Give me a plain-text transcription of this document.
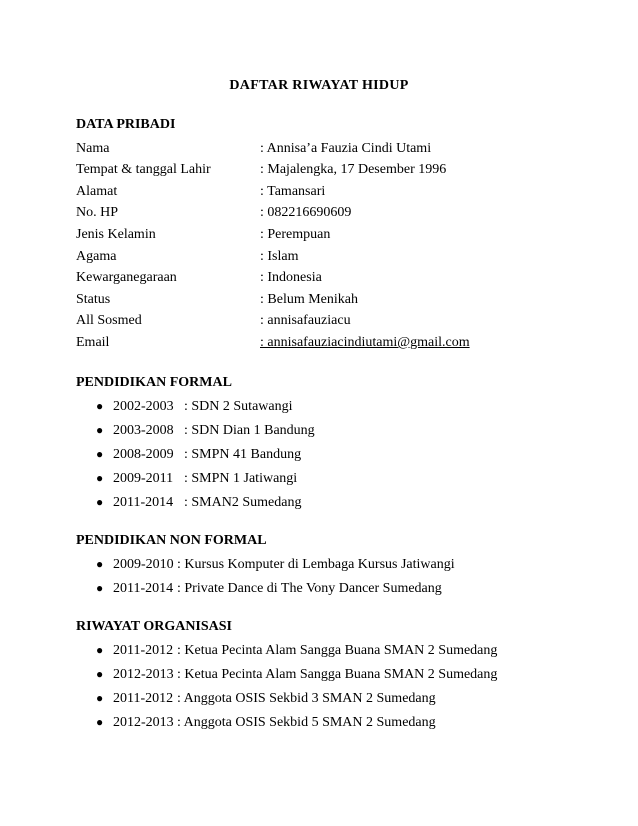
DAFTAR RIWAYAT HIDUP
DATA PRIBADI
Nama	: Annisa’a Fauzia Cindi Utami
Tempat & tanggal Lahir	: Majalengka, 17 Desember 1996
Alamat	: Tamansari
No. HP	: 082216690609
Jenis Kelamin	: Perempuan
Agama	: Islam
Kewarganegaraan	: Indonesia
Status	: Belum Menikah
All Sosmed	: annisafauziacu
Email	: annisafauziacindiutami@gmail.com
PENDIDIKAN FORMAL
● 2002-2003 : SDN 2 Sutawangi
● 2003-2008 : SDN Dian 1 Bandung
● 2008-2009 : SMPN 41 Bandung
● 2009-2011 : SMPN 1 Jatiwangi
● 2011-2014 : SMAN2 Sumedang
PENDIDIKAN NON FORMAL
● 2009-2010 : Kursus Komputer di Lembaga Kursus Jatiwangi
● 2011-2014 : Private Dance di The Vony Dancer Sumedang
RIWAYAT ORGANISASI
● 2011-2012 : Ketua Pecinta Alam Sangga Buana SMAN 2 Sumedang
● 2012-2013 : Ketua Pecinta Alam Sangga Buana SMAN 2 Sumedang
● 2011-2012 : Anggota OSIS Sekbid 3 SMAN 2 Sumedang
● 2012-2013 : Anggota OSIS Sekbid 5 SMAN 2 Sumedang
